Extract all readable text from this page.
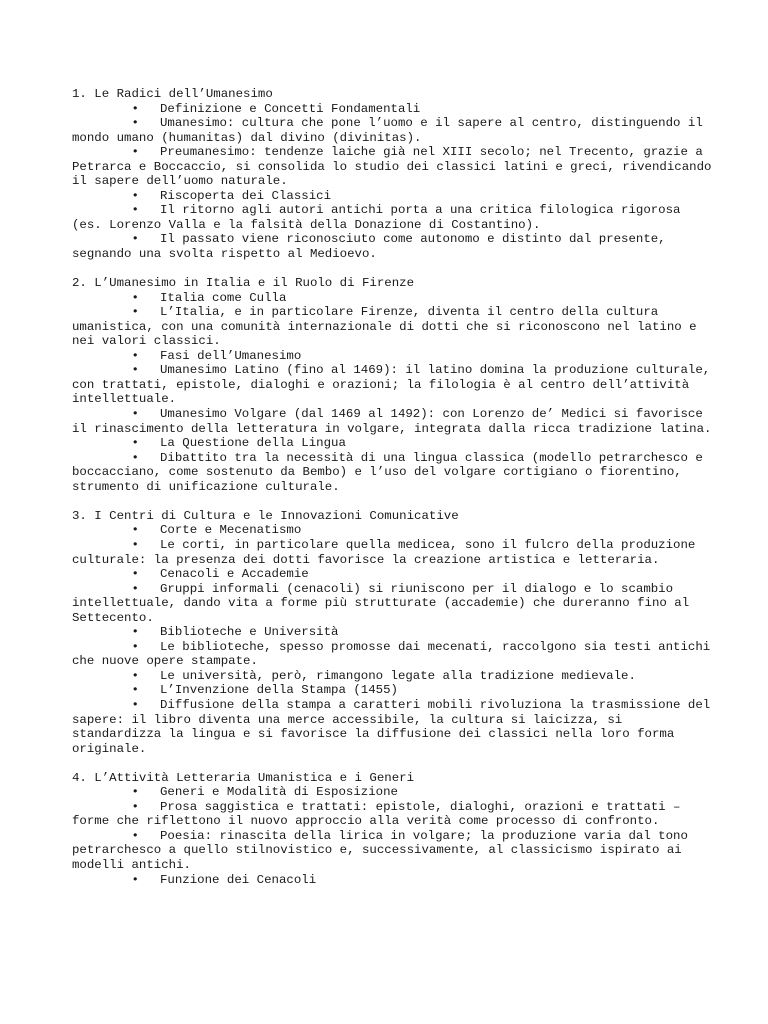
1. Le Radici dell’Umanesimo
•       Definizione e Concetti Fondamentali
•       Umanesimo: cultura che pone l’uomo e il sapere al centro, distinguendo il mondo umano (humanitas) dal divino (divinitas).
•       Preumanesimo: tendenze laiche già nel XIII secolo; nel Trecento, grazie a Petrarca e Boccaccio, si consolida lo studio dei classici latini e greci, rivendicando il sapere dell’uomo naturale.
•       Riscoperta dei Classici
•       Il ritorno agli autori antichi porta a una critica filologica rigorosa (es. Lorenzo Valla e la falsità della Donazione di Costantino).
•       Il passato viene riconosciuto come autonomo e distinto dal presente, segnando una svolta rispetto al Medioevo.
2. L’Umanesimo in Italia e il Ruolo di Firenze
•       Italia come Culla
•       L’Italia, e in particolare Firenze, diventa il centro della cultura umanistica, con una comunità internazionale di dotti che si riconoscono nel latino e nei valori classici.
•       Fasi dell’Umanesimo
•       Umanesimo Latino (fino al 1469): il latino domina la produzione culturale, con trattati, epistole, dialoghi e orazioni; la filologia è al centro dell’attività intellettuale.
•       Umanesimo Volgare (dal 1469 al 1492): con Lorenzo de’ Medici si favorisce il rinascimento della letteratura in volgare, integrata dalla ricca tradizione latina.
•       La Questione della Lingua
•       Dibattito tra la necessità di una lingua classica (modello petrarchesco e boccacciano, come sostenuto da Bembo) e l’uso del volgare cortigiano o fiorentino, strumento di unificazione culturale.
3. I Centri di Cultura e le Innovazioni Comunicative
•       Corte e Mecenatismo
•       Le corti, in particolare quella medicea, sono il fulcro della produzione culturale: la presenza dei dotti favorisce la creazione artistica e letteraria.
•       Cenacoli e Accademie
•       Gruppi informali (cenacoli) si riuniscono per il dialogo e lo scambio intellettuale, dando vita a forme più strutturate (accademie) che dureranno fino al Settecento.
•       Biblioteche e Università
•       Le biblioteche, spesso promosse dai mecenati, raccolgono sia testi antichi che nuove opere stampate.
•       Le università, però, rimangono legate alla tradizione medievale.
•       L’Invenzione della Stampa (1455)
•       Diffusione della stampa a caratteri mobili rivoluziona la trasmissione del sapere: il libro diventa una merce accessibile, la cultura si laicizza, si standardizza la lingua e si favorisce la diffusione dei classici nella loro forma originale.
4. L’Attività Letteraria Umanistica e i Generi
•       Generi e Modalità di Esposizione
•       Prosa saggistica e trattati: epistole, dialoghi, orazioni e trattati – forme che riflettono il nuovo approccio alla verità come processo di confronto.
•       Poesia: rinascita della lirica in volgare; la produzione varia dal tono petrarchesco a quello stilnovistico e, successivamente, al classicismo ispirato ai modelli antichi.
•       Funzione dei Cenacoli
